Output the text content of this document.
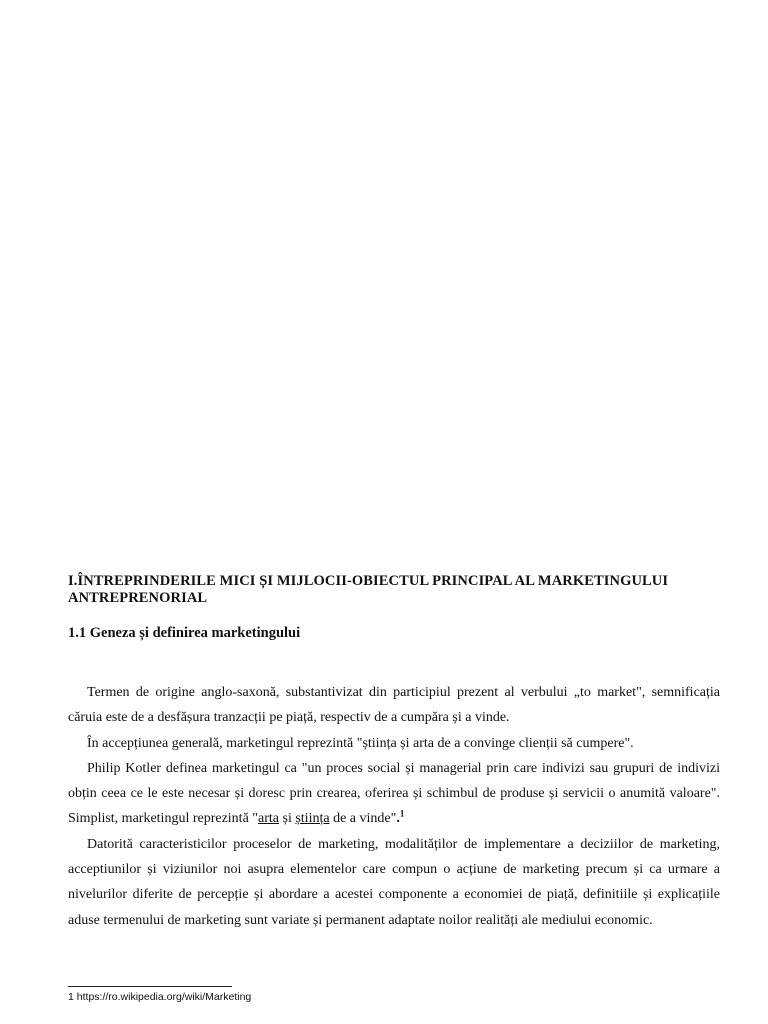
I.ÎNTREPRINDERILE MICI ȘI MIJLOCII-OBIECTUL PRINCIPAL AL MARKETINGULUI ANTREPRENORIAL
1.1 Geneza și definirea marketingului

Termen de origine anglo-saxonă, substantivizat din participiul prezent al verbului „to market", semnificația căruia este de a desfășura tranzacții pe piață, respectiv de a cumpăra și a vinde.

În accepțiunea generală, marketingul reprezintă "știința și arta de a convinge clienții să cumpere".

Philip Kotler definea marketingul ca "un proces social și managerial prin care indivizi sau grupuri de indivizi obțin ceea ce le este necesar și doresc prin crearea, oferirea și schimbul de produse și servicii o anumită valoare". Simplist, marketingul reprezintă "arta și știința de a vinde".$^1$

Datorită caracteristicilor proceselor de marketing, modalităților de implementare a deciziilor de marketing, acceptiunilor și viziunilor noi asupra elementelor care compun o acțiune de marketing precum și ca urmare a nivelurilor diferite de percepție și abordare a acestei componente a economiei de piață, definitiile și explicațiile aduse termenului de marketing sunt variate și permanent adaptate noilor realități ale mediului economic.

1 https://ro.wikipedia.org/wiki/Marketing
